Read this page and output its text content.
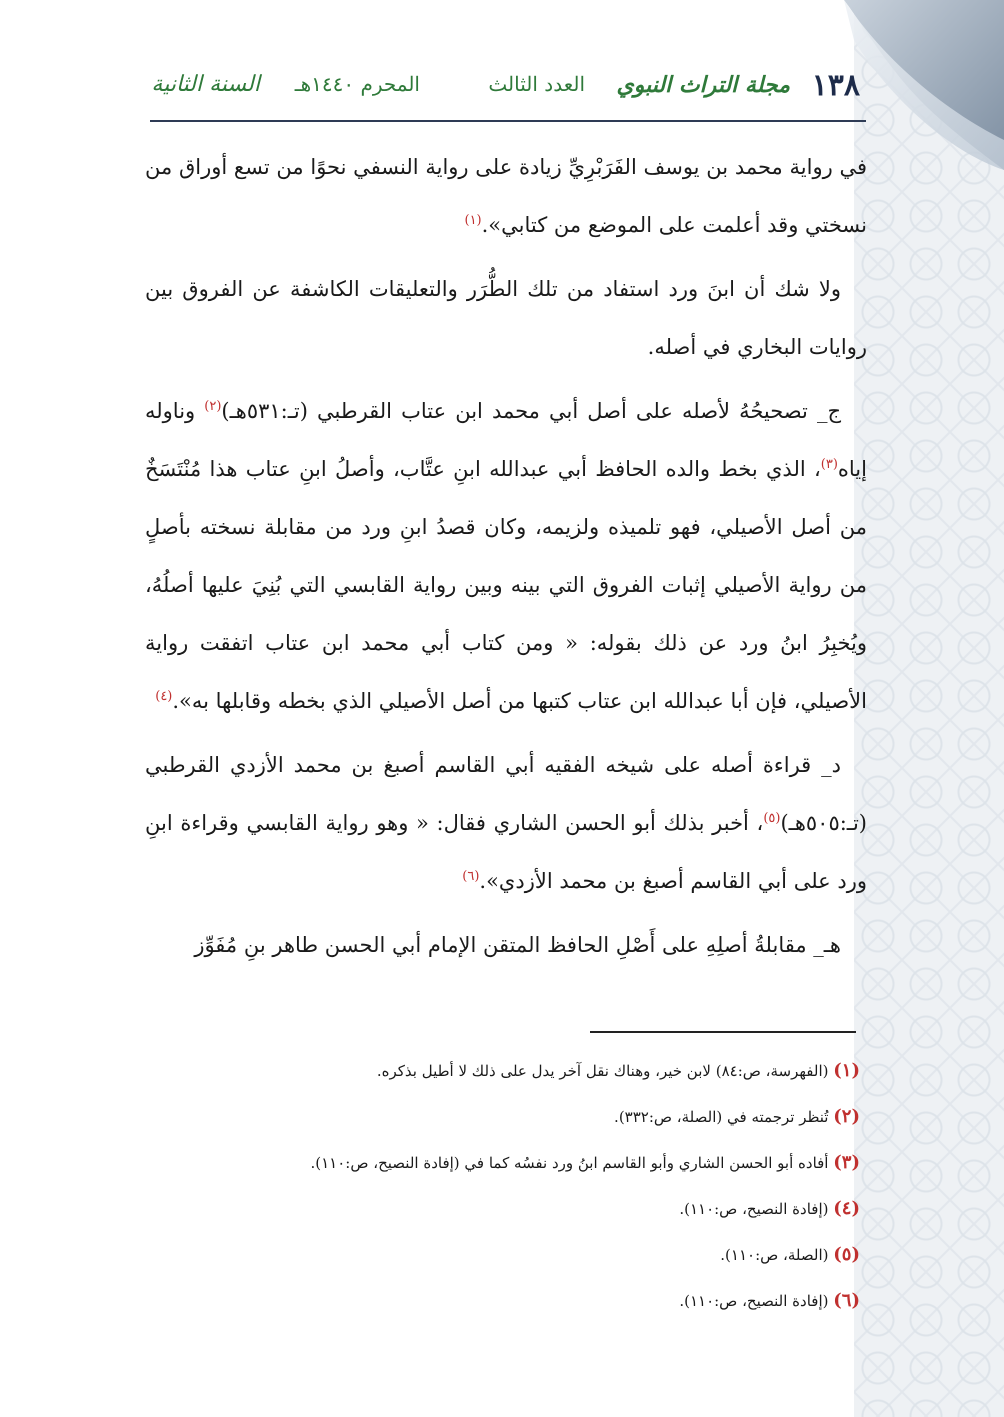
١٣٨
مجلة التراث النبوي
العدد الثالث
المحرم ١٤٤٠هـ
السنة الثانية

في رواية محمد بن يوسف الفَرَبْرِيِّ زيادة على رواية النسفي نحوًا من تسع أوراق من نسختي وقد أعلمت على الموضع من كتابي».$^{(١)}$

ولا شك أن ابنَ ورد استفاد من تلك الطُّرَر والتعليقات الكاشفة عن الفروق بين روايات البخاري في أصله.

ج_ تصحيحُهُ لأصله على أصل أبي محمد ابن عتاب القرطبي (تـ:٥٣١هـ)$^{(٢)}$ وناوله إياه$^{(٣)}$، الذي بخط والده الحافظ أبي عبدالله ابنِ عتَّاب، وأصلُ ابنِ عتاب هذا مُنْتَسَخٌ من أصل الأصيلي، فهو تلميذه ولزيمه، وكان قصدُ ابنِ ورد من مقابلة نسخته بأصلٍ من رواية الأصيلي إثبات الفروق التي بينه وبين رواية القابسي التي بُنِيَ عليها أصلُهُ، ويُخبِرُ ابنُ ورد عن ذلك بقوله: « ومن كتاب أبي محمد ابن عتاب اتفقت رواية الأصيلي، فإن أبا عبدالله ابن عتاب كتبها من أصل الأصيلي الذي بخطه وقابلها به».$^{(٤)}$

د_ قراءة أصله على شيخه الفقيه أبي القاسم أصبغ بن محمد الأزدي القرطبي (تـ:٥٠٥هـ)$^{(٥)}$، أخبر بذلك أبو الحسن الشاري فقال: « وهو رواية القابسي وقراءة ابنِ ورد على أبي القاسم أصبغ بن محمد الأزدي».$^{(٦)}$

هـ_ مقابلةُ أصلِهِ على أَصْلِ الحافظ المتقن الإمام أبي الحسن طاهر بنِ مُفَوِّز

(١) (الفهرسة، ص:٨٤) لابن خير، وهناك نقل آخر يدل على ذلك لا أطيل بذكره.

(٢) تُنظر ترجمته في (الصلة، ص:٣٣٢).

(٣) أفاده أبو الحسن الشاري وأبو القاسم ابنُ ورد نفسُه كما في (إفادة النصيح، ص:١١٠).

(٤) (إفادة النصيح، ص:١١٠).

(٥) (الصلة، ص:١١٠).

(٦) (إفادة النصيح، ص:١١٠).
